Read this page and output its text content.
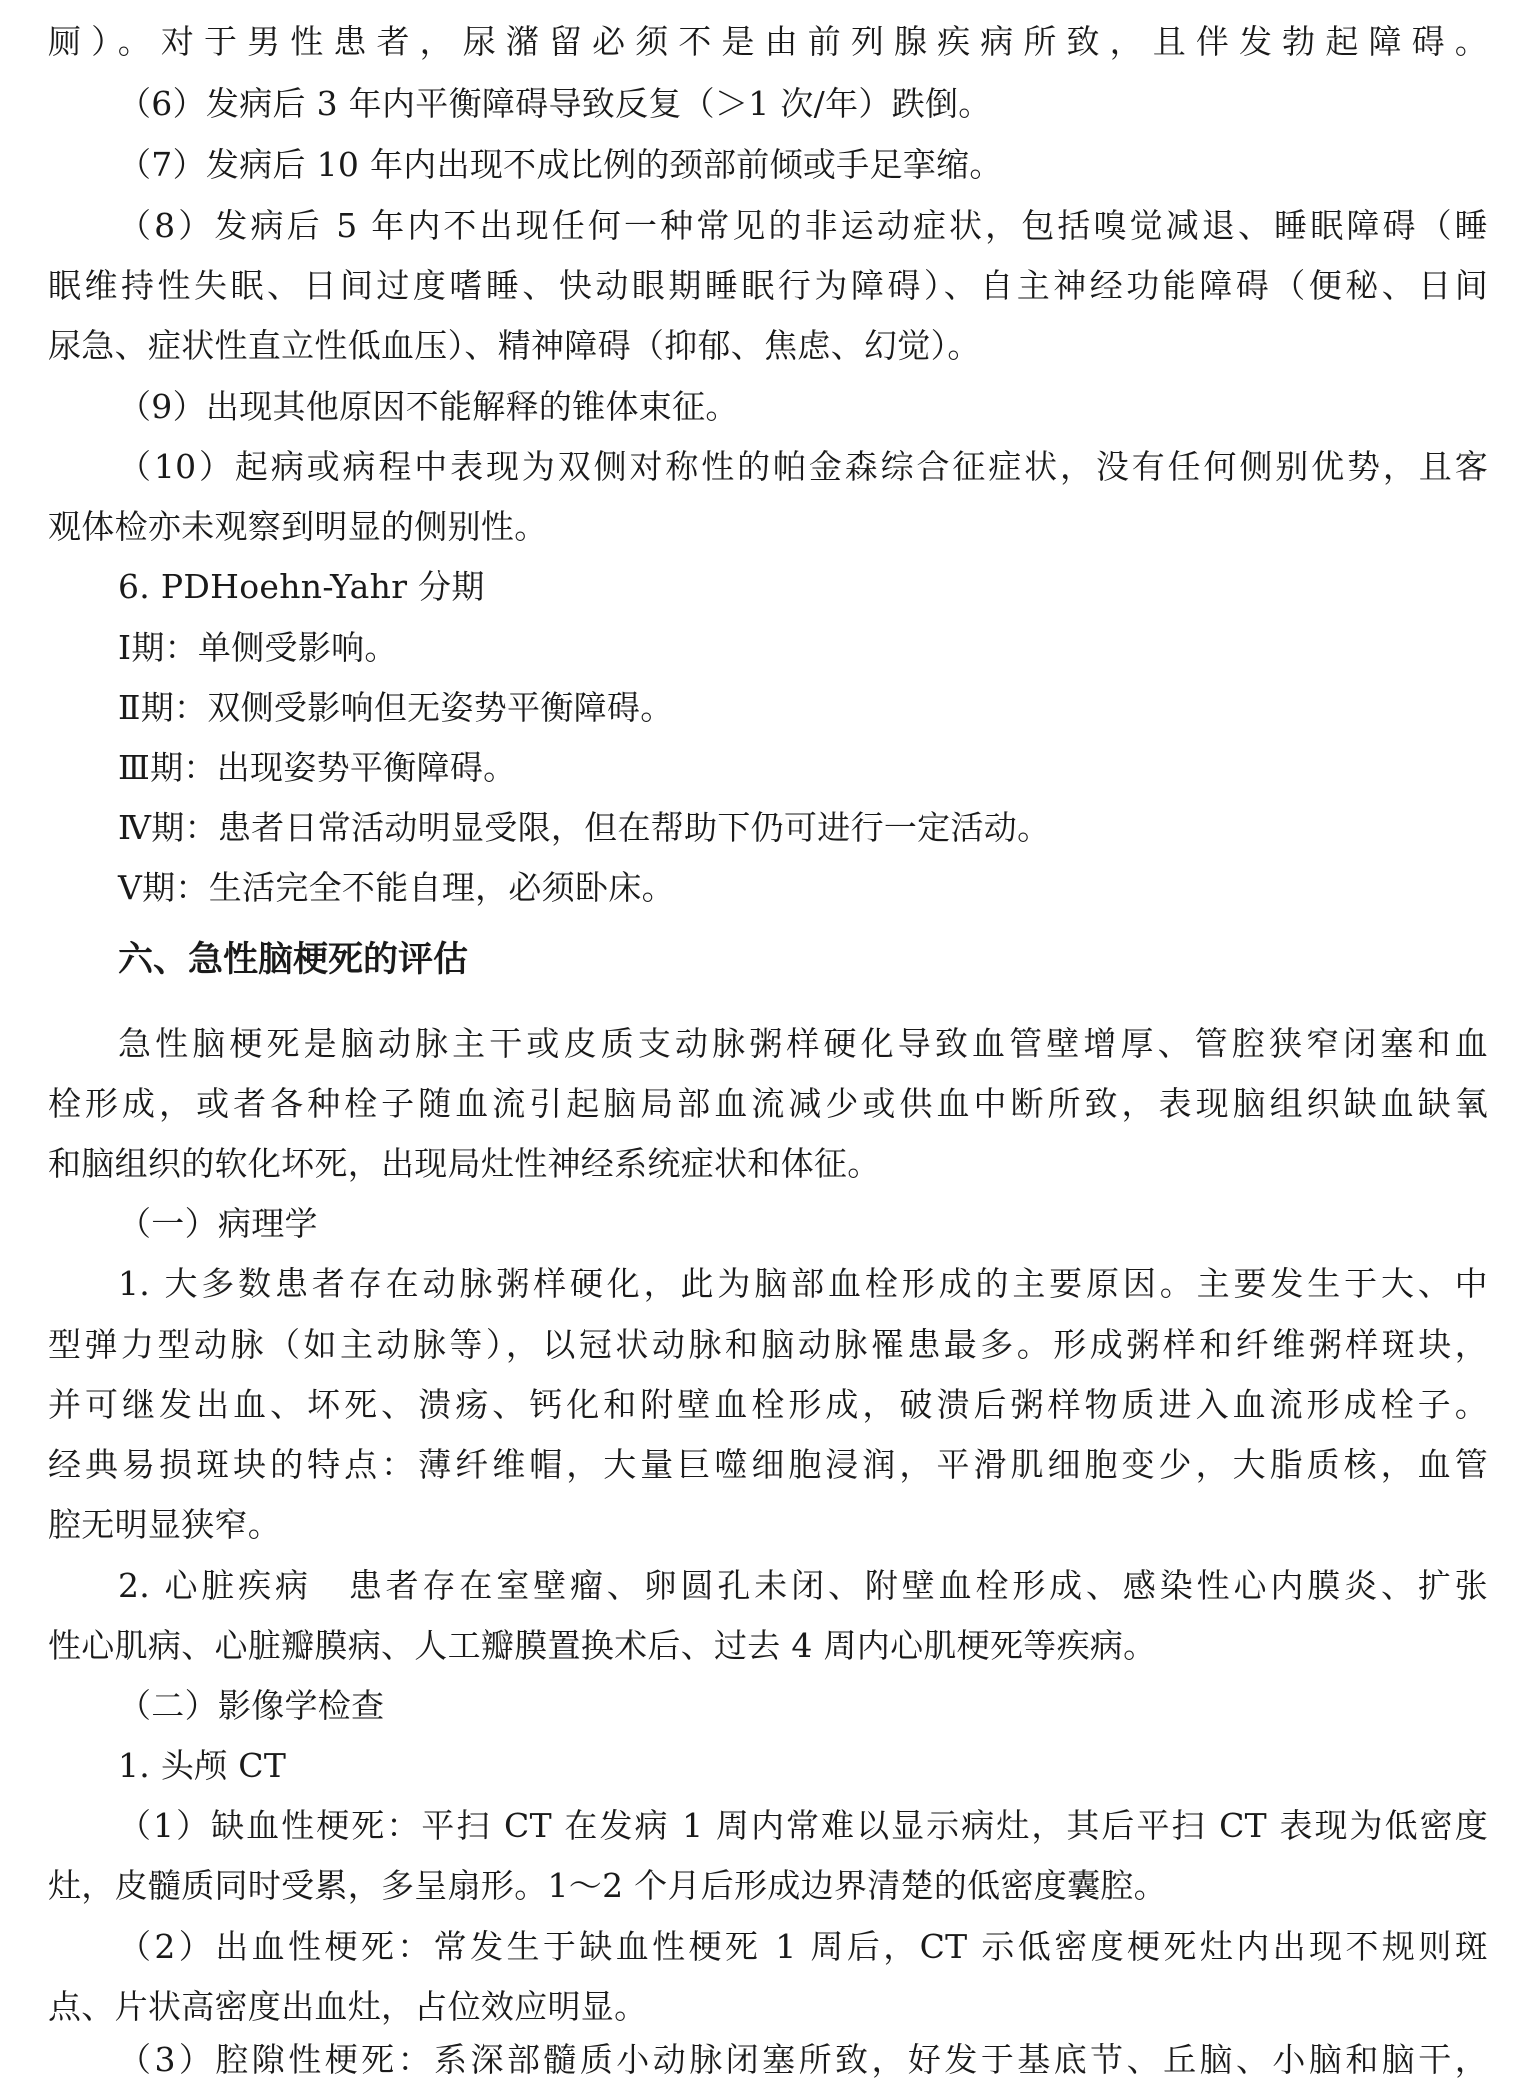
厕）。对于男性患者，尿潴留必须不是由前列腺疾病所致，且伴发勃起障碍。
（6）发病后 3 年内平衡障碍导致反复（＞1 次/年）跌倒。
（7）发病后 10 年内出现不成比例的颈部前倾或手足挛缩。
（8）发病后 5 年内不出现任何一种常见的非运动症状，包括嗅觉减退、睡眠障碍（睡
眠维持性失眠、日间过度嗜睡、快动眼期睡眠行为障碍）、自主神经功能障碍（便秘、日间
尿急、症状性直立性低血压）、精神障碍（抑郁、焦虑、幻觉）。
（9）出现其他原因不能解释的锥体束征。
（10）起病或病程中表现为双侧对称性的帕金森综合征症状，没有任何侧别优势，且客
观体检亦未观察到明显的侧别性。
6. PDHoehn-Yahr 分期
Ⅰ期：单侧受影响。
Ⅱ期：双侧受影响但无姿势平衡障碍。
Ⅲ期：出现姿势平衡障碍。
Ⅳ期：患者日常活动明显受限，但在帮助下仍可进行一定活动。
Ⅴ期：生活完全不能自理，必须卧床。
六、急性脑梗死的评估
急性脑梗死是脑动脉主干或皮质支动脉粥样硬化导致血管壁增厚、管腔狭窄闭塞和血
栓形成，或者各种栓子随血流引起脑局部血流减少或供血中断所致，表现脑组织缺血缺氧
和脑组织的软化坏死，出现局灶性神经系统症状和体征。
（一）病理学
1. 大多数患者存在动脉粥样硬化，此为脑部血栓形成的主要原因。主要发生于大、中
型弹力型动脉（如主动脉等），以冠状动脉和脑动脉罹患最多。形成粥样和纤维粥样斑块，
并可继发出血、坏死、溃疡、钙化和附壁血栓形成，破溃后粥样物质进入血流形成栓子。
经典易损斑块的特点：薄纤维帽，大量巨噬细胞浸润，平滑肌细胞变少，大脂质核，血管
腔无明显狭窄。
2. 心脏疾病　患者存在室壁瘤、卵圆孔未闭、附壁血栓形成、感染性心内膜炎、扩张
性心肌病、心脏瓣膜病、人工瓣膜置换术后、过去 4 周内心肌梗死等疾病。
（二）影像学检查
1. 头颅 CT
（1）缺血性梗死：平扫 CT 在发病 1 周内常难以显示病灶，其后平扫 CT 表现为低密度
灶，皮髓质同时受累，多呈扇形。1～2 个月后形成边界清楚的低密度囊腔。
（2）出血性梗死：常发生于缺血性梗死 1 周后，CT 示低密度梗死灶内出现不规则斑
点、片状高密度出血灶，占位效应明显。
（3）腔隙性梗死：系深部髓质小动脉闭塞所致，好发于基底节、丘脑、小脑和脑干，
